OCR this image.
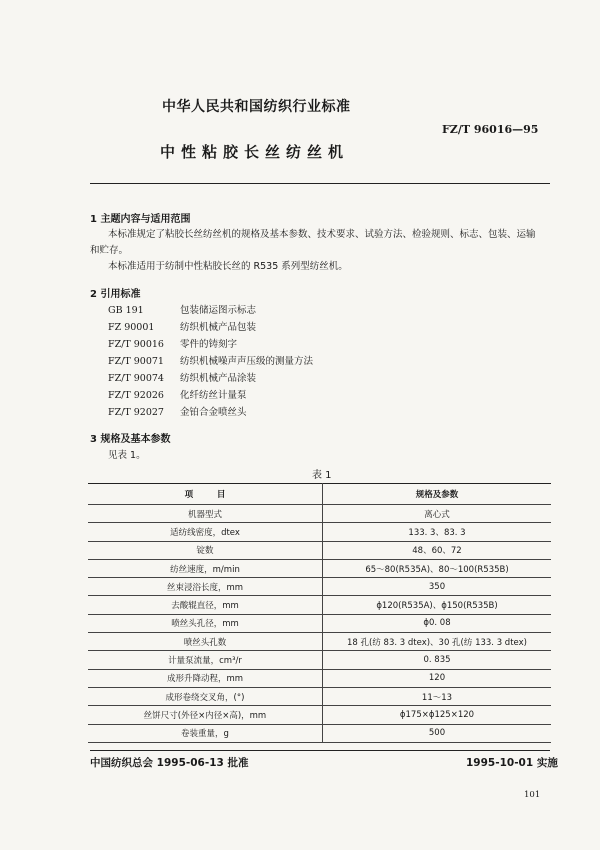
中华人民共和国纺织行业标准
FZ/T 96016—95
中性粘胶长丝纺丝机
1 主题内容与适用范围
本标准规定了粘胶长丝纺丝机的规格及基本参数、技术要求、试验方法、检验规则、标志、包装、运输
和贮存。
本标准适用于纺制中性粘胶长丝的 R535 系列型纺丝机。
2 引用标准
GB 191	包装储运图示标志
FZ 90001	纺织机械产品包装
FZ/T 90016 零件的铸刻字
FZ/T 90071 纺织机械噪声声压级的测量方法
FZ/T 90074 纺织机械产品涂装
FZ/T 92026 化纤纺丝计量泵
FZ/T 92027 金铂合金喷丝头
3 规格及基本参数
见表 1。
表 1
项        目	规格及参数
机器型式	离心式
适纺线密度，dtex	133. 3、83. 3
锭数	48、60、72
纺丝速度，m/min	65～80(R535A)、80～100(R535B)
丝束浸浴长度，mm	350
去酸辊直径，mm	ϕ120(R535A)、ϕ150(R535B)
喷丝头孔径，mm	ϕ0. 08
喷丝头孔数	18 孔(纺 83. 3 dtex)、30 孔(纺 133. 3 dtex)
计量泵流量，cm³/r	0. 835
成形升降动程，mm	120
成形卷绕交叉角，(°)	11～13
丝饼尺寸(外径×内径×高)，mm	ϕ175×ϕ125×120
卷装重量，g	500
中国纺织总会 1995-06-13 批准	1995-10-01 实施
101
